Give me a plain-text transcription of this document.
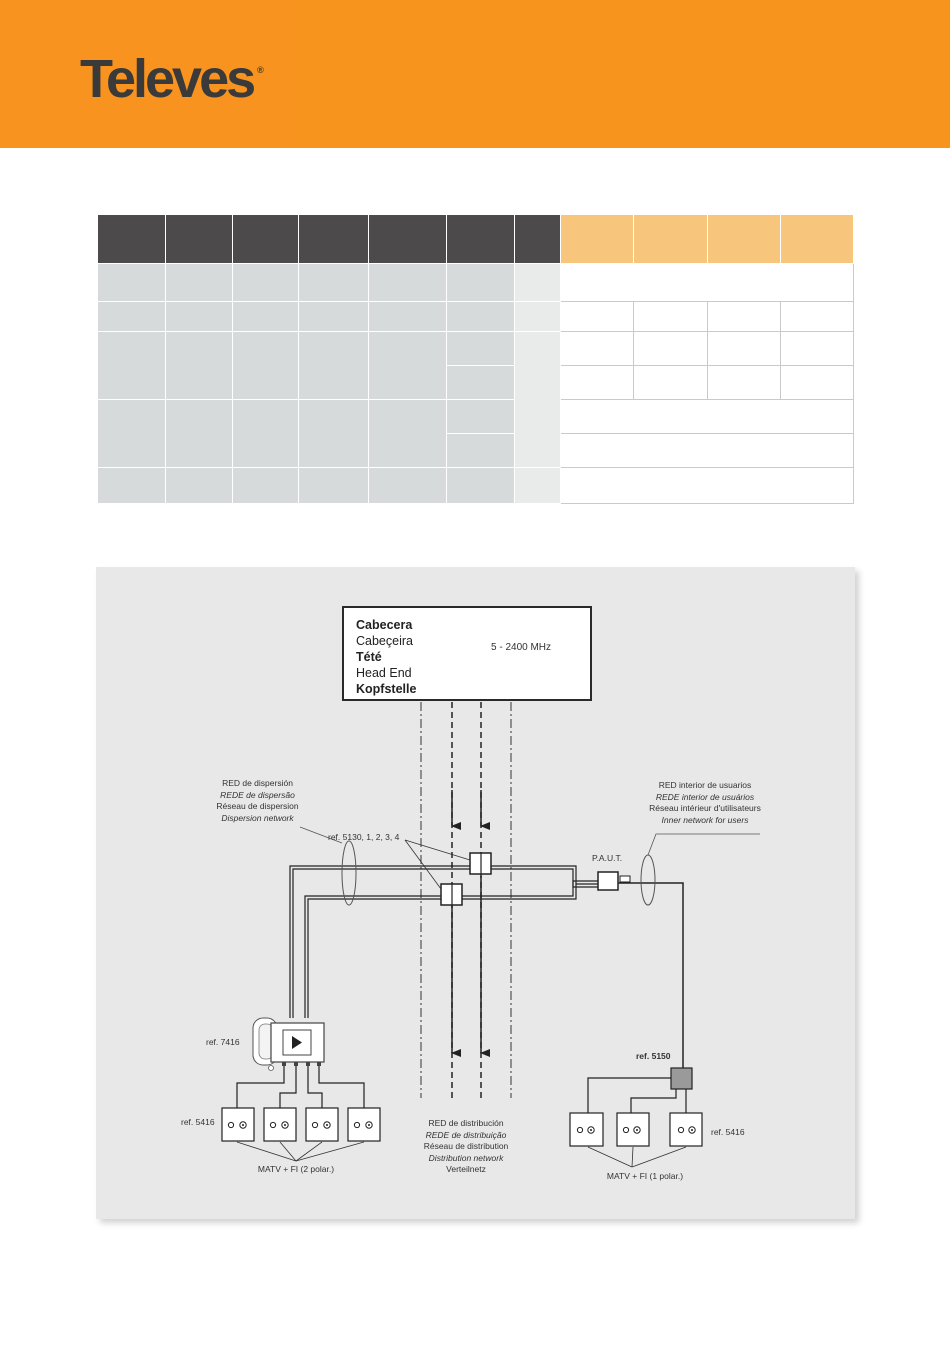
Televes ®

Cabecera
Cabeçeira
Tété
Head End
Kopfstelle
5 - 2400 MHz
RED de dispersión
REDE de dispersão
Réseau de dispersion
Dispersion network
RED interior de usuarios
REDE interior de usuários
Réseau intérieur d'utilisateurs
Inner network for users
ref. 5130, 1, 2, 3, 4
P.A.U.T.
ref. 7416
ref. 5150
ref. 5416
ref. 5416
RED de distribución
REDE de distribuição
Réseau de distribution
Distribution network
Verteilnetz
MATV + FI (2 polar.)
MATV + FI (1 polar.)
